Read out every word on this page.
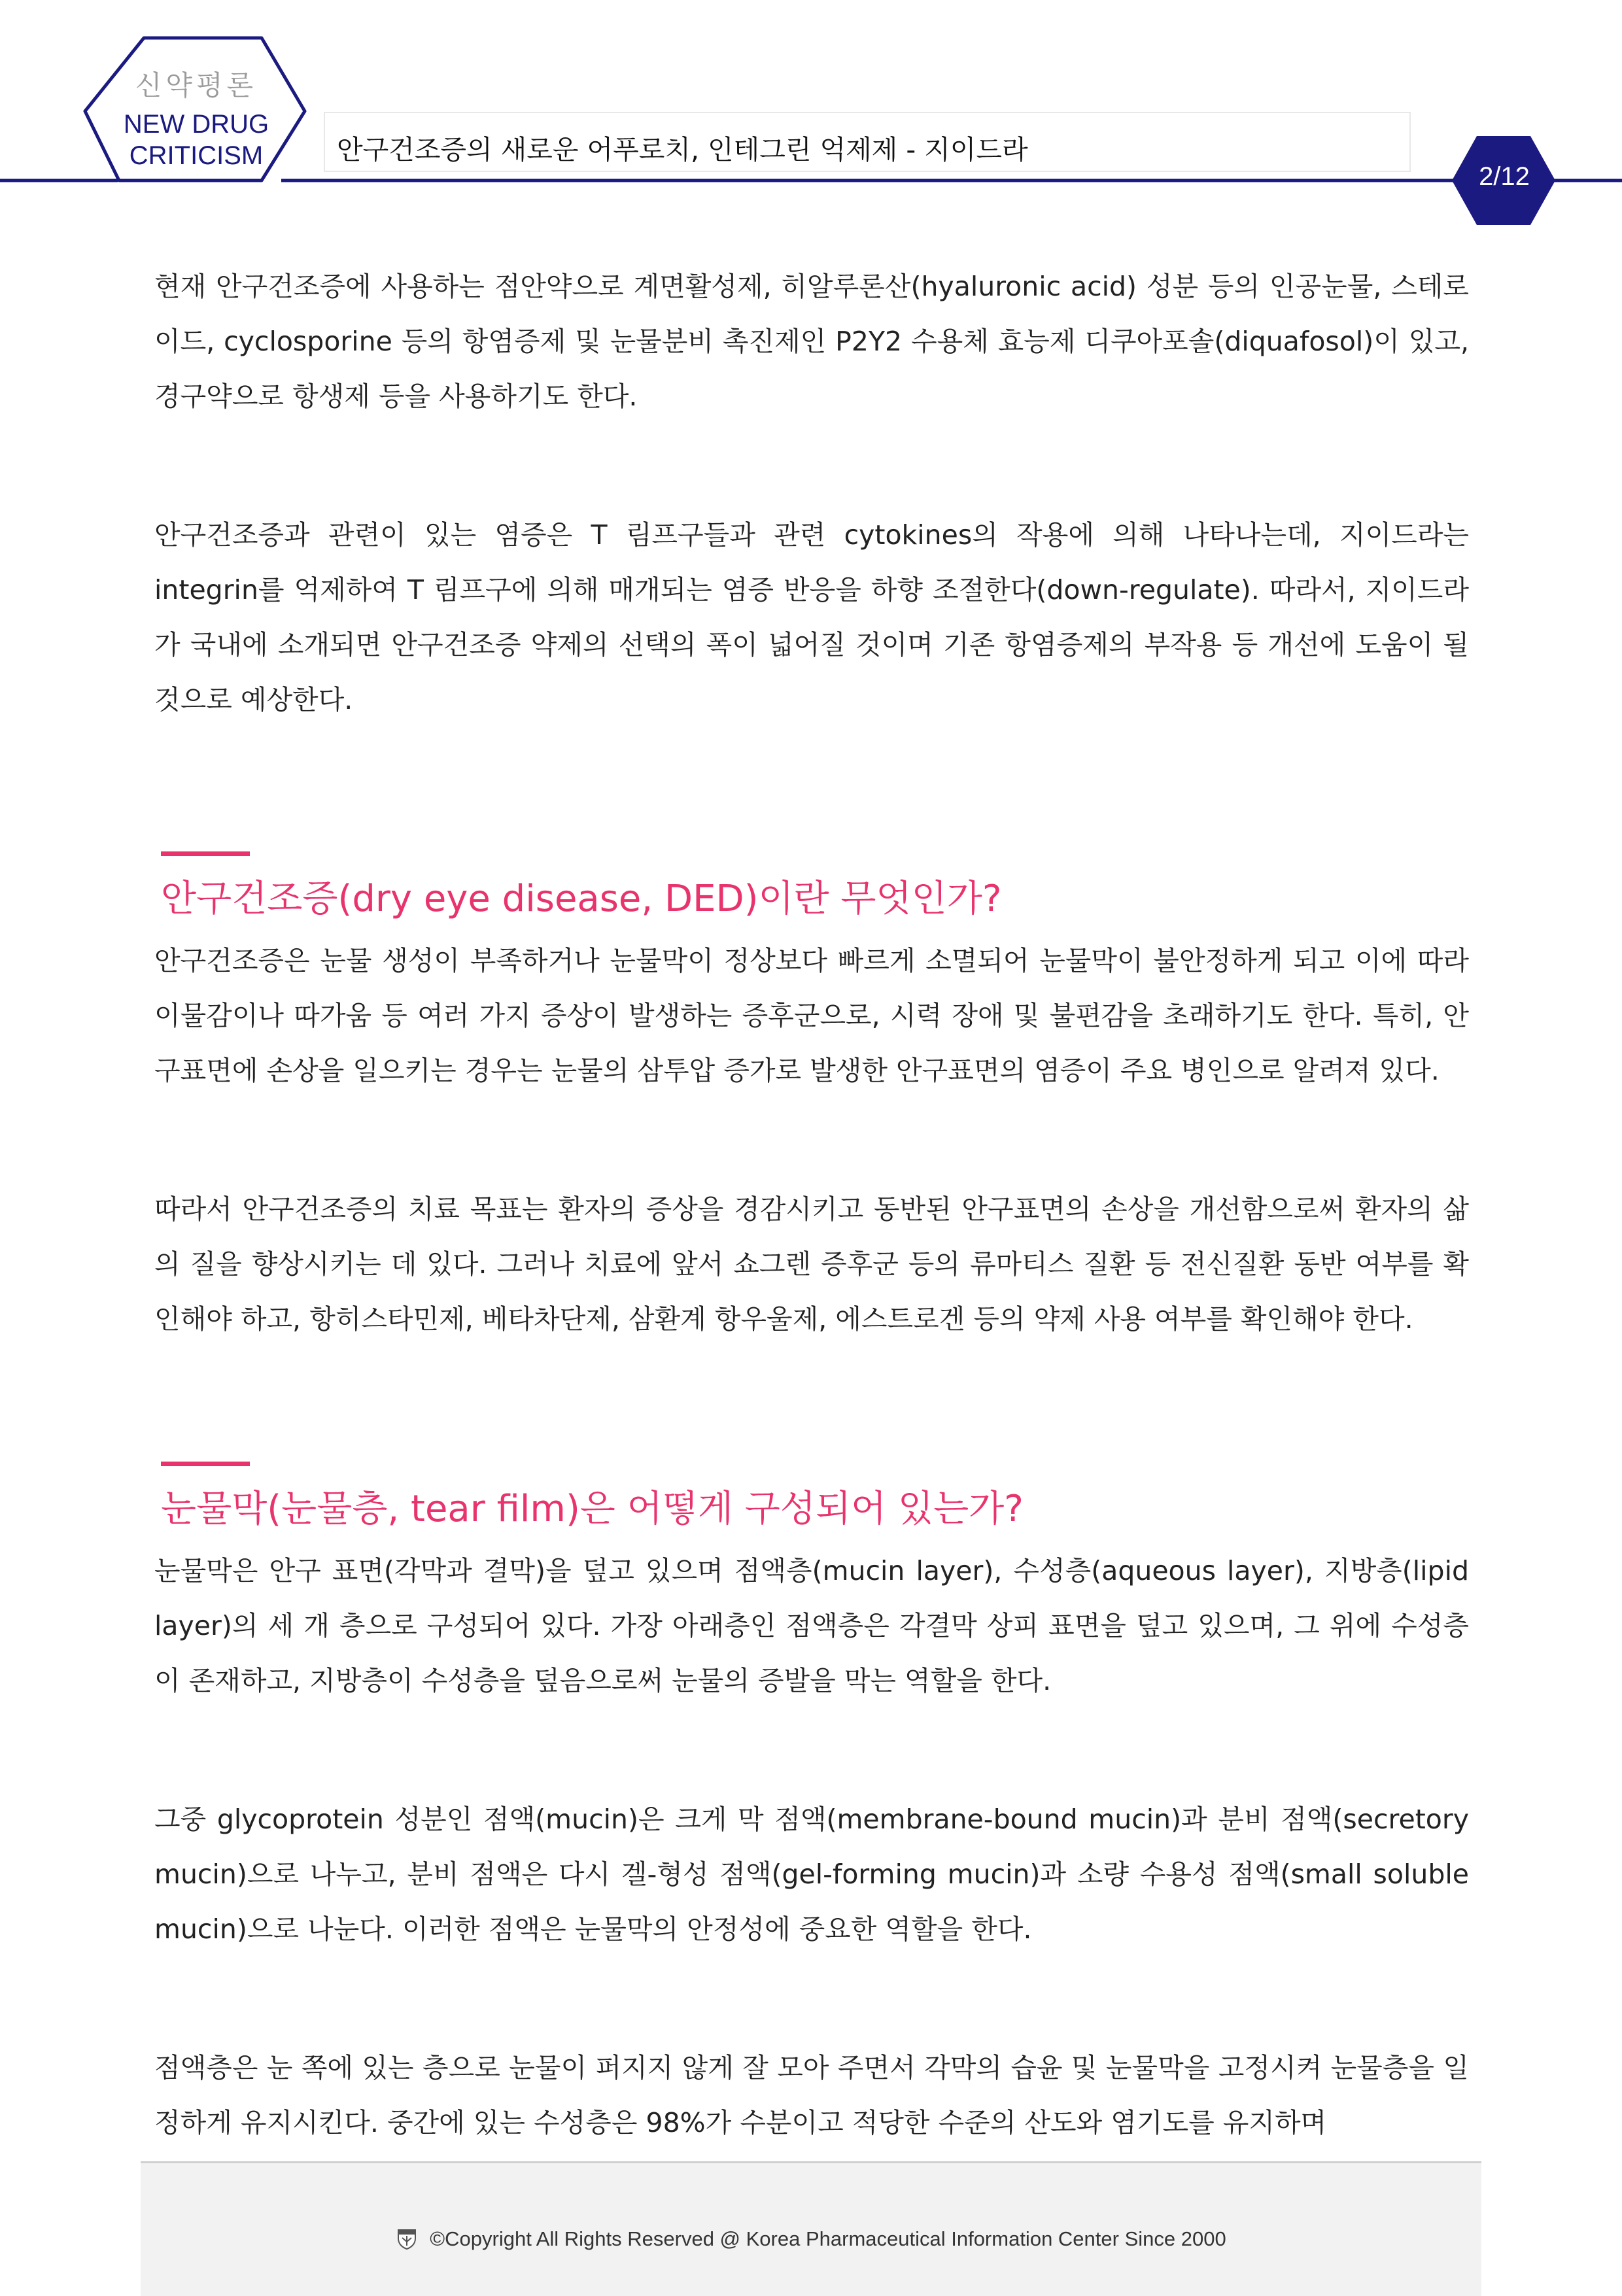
신약평론
NEW DRUG
CRITICISM	안구건조증의 새로운 어푸로치, 인테그린 억제제 - 지이드라
2/12

현재 안구건조증에 사용하는 점안약으로 계면활성제, 히알루론산(hyaluronic acid) 성분 등의 인공눈물, 스테로이드, cyclosporine 등의 항염증제 및 눈물분비 촉진제인 P2Y2 수용체 효능제 디쿠아포솔(diquafosol)이 있고, 경구약으로 항생제 등을 사용하기도 한다.

안구건조증과 관련이 있는 염증은 T 림프구들과 관련 cytokines의 작용에 의해 나타나는데, 지이드라는 integrin를 억제하여 T 림프구에 의해 매개되는 염증 반응을 하향 조절한다(down-regulate). 따라서, 지이드라가 국내에 소개되면 안구건조증 약제의 선택의 폭이 넓어질 것이며 기존 항염증제의 부작용 등 개선에 도움이 될 것으로 예상한다.

안구건조증(dry eye disease, DED)이란 무엇인가?

안구건조증은 눈물 생성이 부족하거나 눈물막이 정상보다 빠르게 소멸되어 눈물막이 불안정하게 되고 이에 따라 이물감이나 따가움 등 여러 가지 증상이 발생하는 증후군으로, 시력 장애 및 불편감을 초래하기도 한다. 특히, 안구표면에 손상을 일으키는 경우는 눈물의 삼투압 증가로 발생한 안구표면의 염증이 주요 병인으로 알려져 있다.

따라서 안구건조증의 치료 목표는 환자의 증상을 경감시키고 동반된 안구표면의 손상을 개선함으로써 환자의 삶의 질을 향상시키는 데 있다. 그러나 치료에 앞서 쇼그렌 증후군 등의 류마티스 질환 등 전신질환 동반 여부를 확인해야 하고, 항히스타민제, 베타차단제, 삼환계 항우울제, 에스트로겐 등의 약제 사용 여부를 확인해야 한다.

눈물막(눈물층, tear film)은 어떻게 구성되어 있는가?

눈물막은 안구 표면(각막과 결막)을 덮고 있으며 점액층(mucin layer), 수성층(aqueous layer), 지방층(lipid layer)의 세 개 층으로 구성되어 있다. 가장 아래층인 점액층은 각결막 상피 표면을 덮고 있으며, 그 위에 수성층이 존재하고, 지방층이 수성층을 덮음으로써 눈물의 증발을 막는 역할을 한다.

그중 glycoprotein 성분인 점액(mucin)은 크게 막 점액(membrane-bound mucin)과 분비 점액(secretory mucin)으로 나누고, 분비 점액은 다시 겔-형성 점액(gel-forming mucin)과 소량 수용성 점액(small soluble mucin)으로 나눈다. 이러한 점액은 눈물막의 안정성에 중요한 역할을 한다.

점액층은 눈 쪽에 있는 층으로 눈물이 퍼지지 않게 잘 모아 주면서 각막의 습윤 및 눈물막을 고정시켜 눈물층을 일정하게 유지시킨다. 중간에 있는 수성층은 98%가 수분이고 적당한 수준의 산도와 염기도를 유지하며

©Copyright All Rights Reserved @ Korea Pharmaceutical Information Center Since 2000
